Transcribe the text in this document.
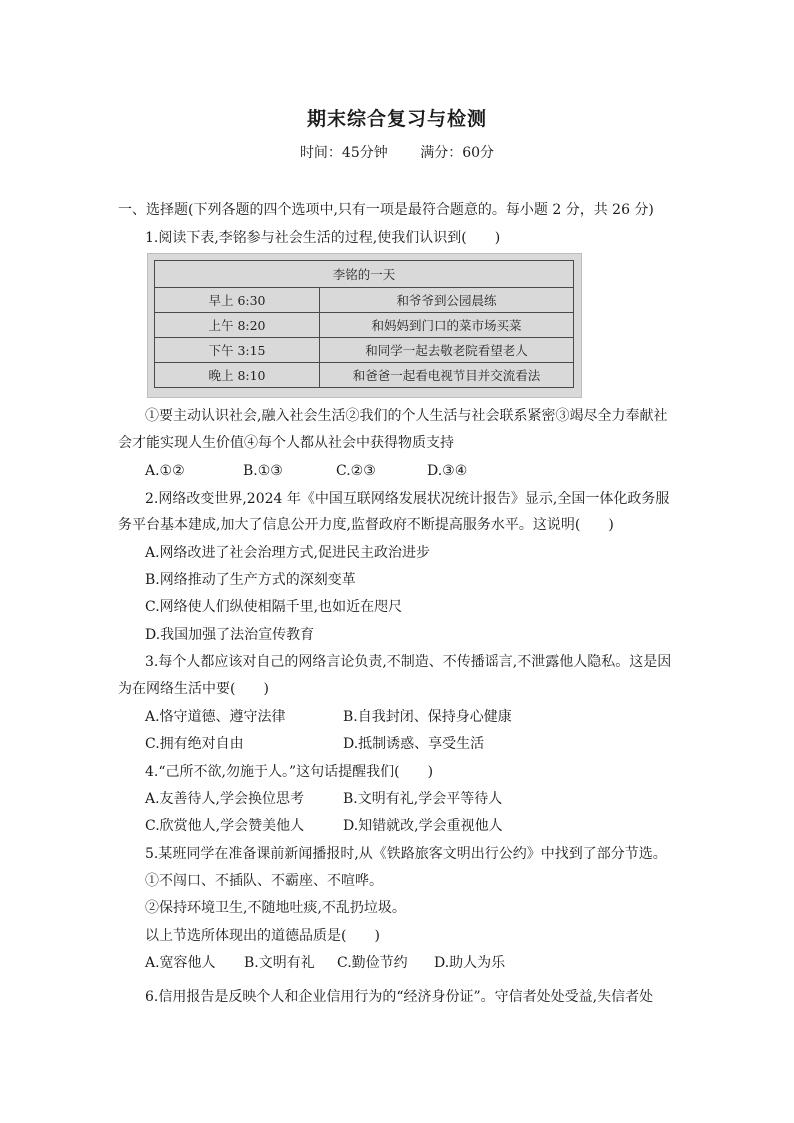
期末综合复习与检测
时间：45分钟 满分：60分
一、选择题(下列各题的四个选项中,只有一项是最符合题意的。每小题 2 分，共 26 分)
1.阅读下表,李铭参与社会生活的过程,使我们认识到(　　)
李铭的一天	
早上 6:30	和爷爷到公园晨练
上午 8:20	和妈妈到门口的菜市场买菜
下午 3:15	和同学一起去敬老院看望老人
晚上 8:10	和爸爸一起看电视节目并交流看法
①要主动认识社会,融入社会生活②我们的个人生活与社会联系紧密③竭尽全力奉献社
会才能实现人生价值④每个人都从社会中获得物质支持
A.①②	B.①③	C.②③	D.③④
2.网络改变世界,2024 年《中国互联网络发展状况统计报告》显示,全国一体化政务服
务平台基本建成,加大了信息公开力度,监督政府不断提高服务水平。这说明(　　)
A.网络改进了社会治理方式,促进民主政治进步
B.网络推动了生产方式的深刻变革
C.网络使人们纵使相隔千里,也如近在咫尺
D.我国加强了法治宣传教育
3.每个人都应该对自己的网络言论负责,不制造、不传播谣言,不泄露他人隐私。这是因
为在网络生活中要(　　)
A.恪守道德、遵守法律	B.自我封闭、保持身心健康
C.拥有绝对自由	D.抵制诱惑、享受生活
4.“己所不欲,勿施于人。”这句话提醒我们(　　)
A.友善待人,学会换位思考	B.文明有礼,学会平等待人
C.欣赏他人,学会赞美他人	D.知错就改,学会重视他人
5.某班同学在准备课前新闻播报时,从《铁路旅客文明出行公约》中找到了部分节选。
①不闯口、不插队、不霸座、不喧哗。
②保持环境卫生,不随地吐痰,不乱扔垃圾。
以上节选所体现出的道德品质是(　　)
A.宽容他人 B.文明有礼 C.勤俭节约 D.助人为乐
6.信用报告是反映个人和企业信用行为的“经济身份证”。守信者处处受益,失信者处
